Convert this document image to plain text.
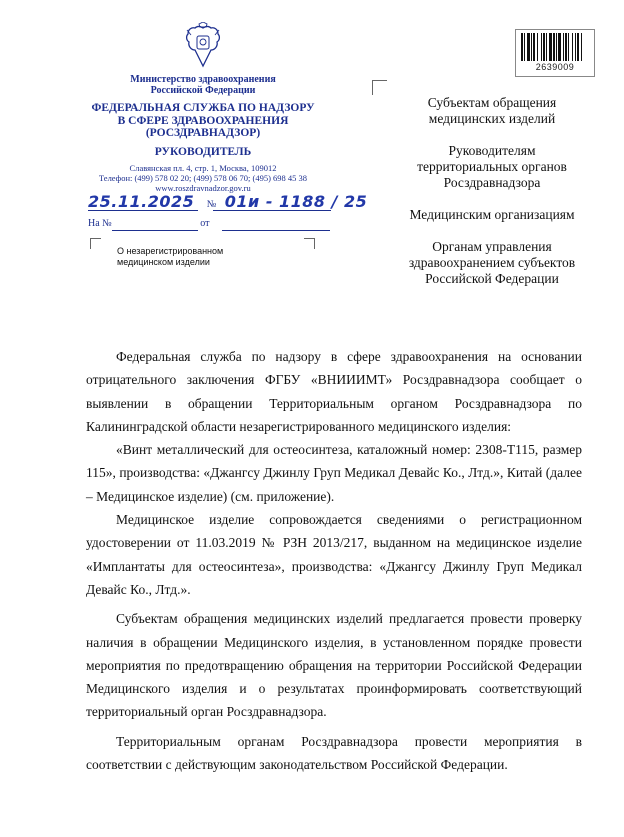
Министерство здравоохранения
Российской Федерации
ФЕДЕРАЛЬНАЯ СЛУЖБА ПО НАДЗОРУ
В СФЕРЕ ЗДРАВООХРАНЕНИЯ
(РОСЗДРАВНАДЗОР)
РУКОВОДИТЕЛЬ
Славянская пл. 4, стр. 1, Москва, 109012
Телефон: (499) 578 02 20; (499) 578 06 70; (495) 698 45 38
www.roszdravnadzor.gov.ru
25.11.2025 № 01и - 1188 / 25
На №	от
О незарегистрированном
медицинском изделии
2639009
Субъектам обращения
медицинских изделий
Руководителям
территориальных органов
Росздравнадзора
Медицинским организациям
Органам управления
здравоохранением субъектов
Российской Федерации

Федеральная служба по надзору в сфере здравоохранения на основании отрицательного заключения ФГБУ «ВНИИИМТ» Росздравнадзора сообщает о выявлении в обращении Территориальным органом Росздравнадзора по Калининградской области незарегистрированного медицинского изделия:

«Винт металлический для остеосинтеза, каталожный номер: 2308-Т115, размер 115», производства: «Джангсу Джинлу Груп Медикал Девайс Ко., Лтд.», Китай (далее – Медицинское изделие) (см. приложение).

Медицинское изделие сопровождается сведениями о регистрационном удостоверении от 11.03.2019 № РЗН 2013/217, выданном на медицинское изделие «Имплантаты для остеосинтеза», производства: «Джангсу Джинлу Груп Медикал Девайс Ко., Лтд.».

Субъектам обращения медицинских изделий предлагается провести проверку наличия в обращении Медицинского изделия, в установленном порядке провести мероприятия по предотвращению обращения на территории Российской Федерации Медицинского изделия и о результатах проинформировать соответствующий территориальный орган Росздравнадзора.

Территориальным органам Росздравнадзора провести мероприятия в соответствии с действующим законодательством Российской Федерации.
